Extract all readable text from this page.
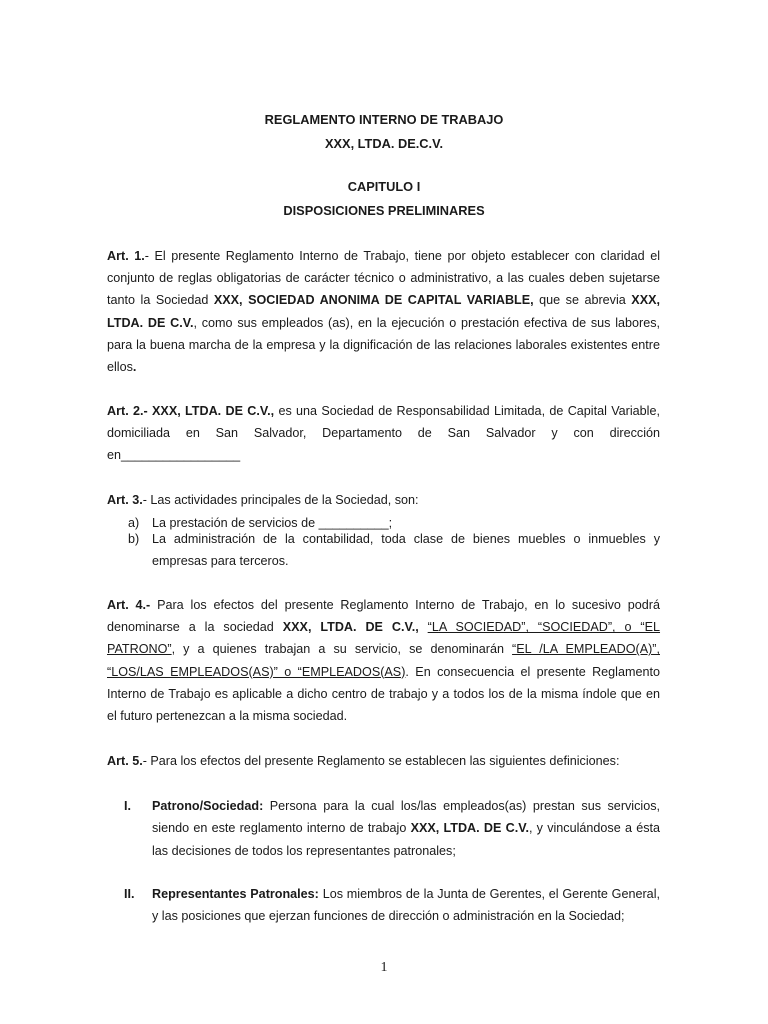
REGLAMENTO INTERNO DE TRABAJO
XXX, LTDA. DE.C.V.
CAPITULO I
DISPOSICIONES PRELIMINARES

Art. 1.- El presente Reglamento Interno de Trabajo, tiene por objeto establecer con claridad el conjunto de reglas obligatorias de carácter técnico o administrativo, a las cuales deben sujetarse tanto la Sociedad XXX, SOCIEDAD ANONIMA DE CAPITAL VARIABLE, que se abrevia XXX, LTDA. DE C.V., como sus empleados (as), en la ejecución o prestación efectiva de sus labores, para la buena marcha de la empresa y la dignificación de las relaciones laborales existentes entre ellos.

Art. 2.- XXX, LTDA. DE C.V., es una Sociedad de Responsabilidad Limitada, de Capital Variable, domiciliada en San Salvador, Departamento de San Salvador y con dirección en_________________

Art. 3.- Las actividades principales de la Sociedad, son:

a) La prestación de servicios de __________;
b) La administración de la contabilidad, toda clase de bienes muebles o inmuebles y empresas para terceros.

Art. 4.- Para los efectos del presente Reglamento Interno de Trabajo, en lo sucesivo podrá denominarse a la sociedad XXX, LTDA. DE C.V., “LA SOCIEDAD”, “SOCIEDAD”, o “EL PATRONO”, y a quienes trabajan a su servicio, se denominarán “EL /LA EMPLEADO(A)”, “LOS/LAS EMPLEADOS(AS)” o “EMPLEADOS(AS). En consecuencia el presente Reglamento Interno de Trabajo es aplicable a dicho centro de trabajo y a todos los de la misma índole que en el futuro pertenezcan a la misma sociedad.

Art. 5.- Para los efectos del presente Reglamento se establecen las siguientes definiciones:

I. Patrono/Sociedad: Persona para la cual los/las empleados(as) prestan sus servicios, siendo en este reglamento interno de trabajo XXX, LTDA. DE C.V., y vinculándose a ésta las decisiones de todos los representantes patronales;
II. Representantes Patronales: Los miembros de la Junta de Gerentes, el Gerente General, y las posiciones que ejerzan funciones de dirección o administración en la Sociedad;
1
